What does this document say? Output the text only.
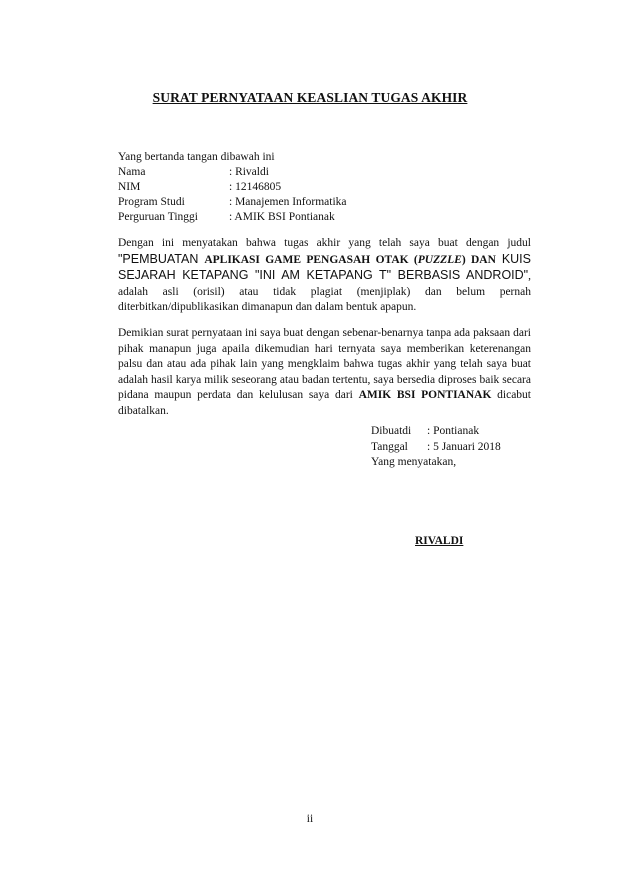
SURAT PERNYATAAN KEASLIAN TUGAS AKHIR
Yang bertanda tangan dibawah ini
Nama	: Rivaldi
NIM	: 12146805
Program Studi	: Manajemen Informatika
Perguruan Tinggi	: AMIK BSI Pontianak
Dengan ini menyatakan bahwa tugas akhir yang telah saya buat dengan judul "PEMBUATAN APLIKASI GAME PENGASAH OTAK (PUZZLE) DAN KUIS SEJARAH KETAPANG "INI AM KETAPANG T" BERBASIS ANDROID", adalah asli (orisil) atau tidak plagiat (menjiplak) dan belum pernah diterbitkan/dipublikasikan dimanapun dan dalam bentuk apapun.
Demikian surat pernyataan ini saya buat dengan sebenar-benarnya tanpa ada paksaan dari pihak manapun juga apaila dikemudian hari ternyata saya memberikan keterenangan palsu dan atau ada pihak lain yang mengklaim bahwa tugas akhir yang telah saya buat adalah hasil karya milik seseorang atau badan tertentu, saya bersedia diproses baik secara pidana maupun perdata dan kelulusan saya dari AMIK BSI PONTIANAK dicabut dibatalkan.
Dibuatdi	: Pontianak
Tanggal	: 5 Januari 2018
Yang menyatakan,
RIVALDI
ii
